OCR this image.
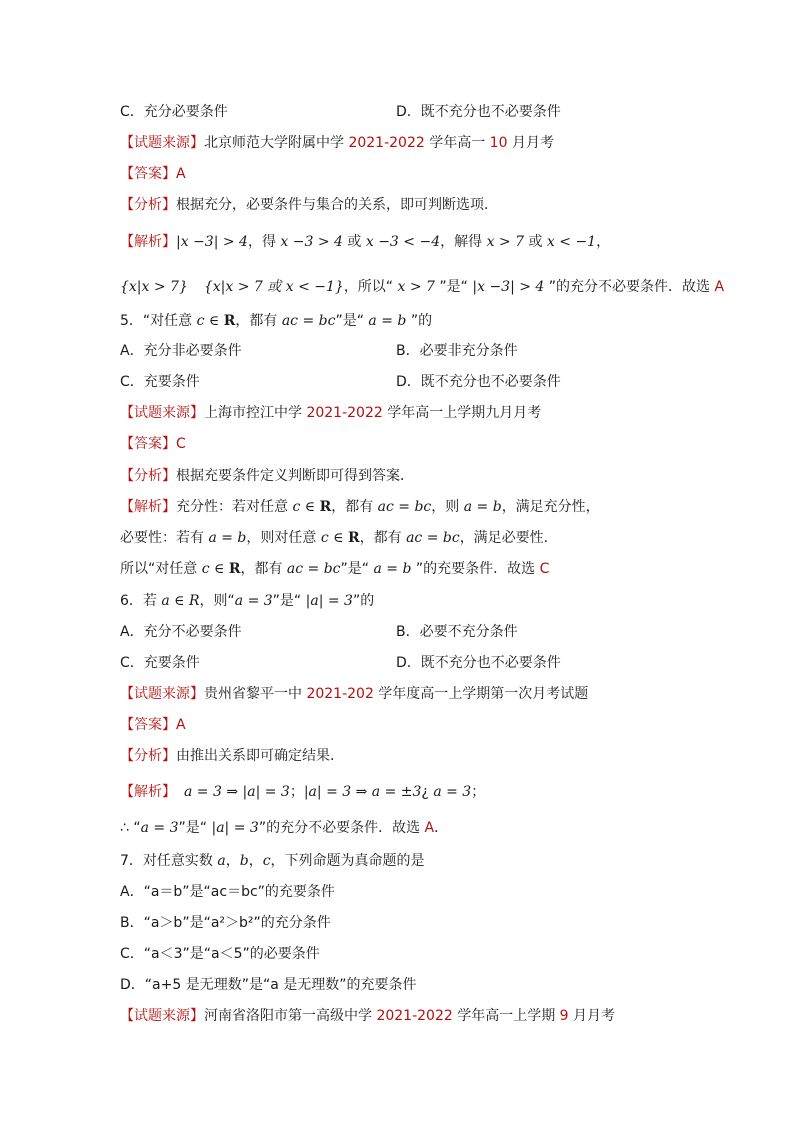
C．充分必要条件	D．既不充分也不必要条件
【试题来源】北京师范大学附属中学 2021-2022 学年高一 10 月月考
【答案】A
【分析】根据充分，必要条件与集合的关系，即可判断选项．
【解析】|x −3| > 4，得 x −3 > 4 或 x −3 < −4，解得 x > 7 或 x < −1，
{x|x > 7} {x|x > 7 或 x < −1}，所以“ x > 7 ”是“ |x −3| > 4 ”的充分不必要条件．故选 A
5．“对任意 c ∈ R，都有 ac = bc”是“ a = b ”的
A．充分非必要条件	B．必要非充分条件
C．充要条件	D．既不充分也不必要条件
【试题来源】上海市控江中学 2021-2022 学年高一上学期九月月考
【答案】C
【分析】根据充要条件定义判断即可得到答案．
【解析】充分性：若对任意 c ∈ R，都有 ac = bc，则 a = b，满足充分性，
必要性：若有 a = b，则对任意 c ∈ R，都有 ac = bc，满足必要性．
所以“对任意 c ∈ R，都有 ac = bc”是“ a = b ”的充要条件．故选 C
6．若 a ∈ R，则“a = 3”是“ |a| = 3”的
A．充分不必要条件	B．必要不充分条件
C．充要条件	D．既不充分也不必要条件
【试题来源】贵州省黎平一中 2021-202 学年度高一上学期第一次月考试题
【答案】A
【分析】由推出关系即可确定结果．
【解析】 a = 3 ⇒ |a| = 3；|a| = 3 ⇒ a = ±3¿ a = 3；
∴ “a = 3”是“ |a| = 3”的充分不必要条件．故选 A．
7．对任意实数 a，b，c，下列命题为真命题的是
A．“a＝b”是“ac＝bc”的充要条件
B．“a＞b”是“a²＞b²”的充分条件
C．“a＜3”是“a＜5”的必要条件
D．“a+5 是无理数”是“a 是无理数”的充要条件
【试题来源】河南省洛阳市第一高级中学 2021-2022 学年高一上学期 9 月月考
